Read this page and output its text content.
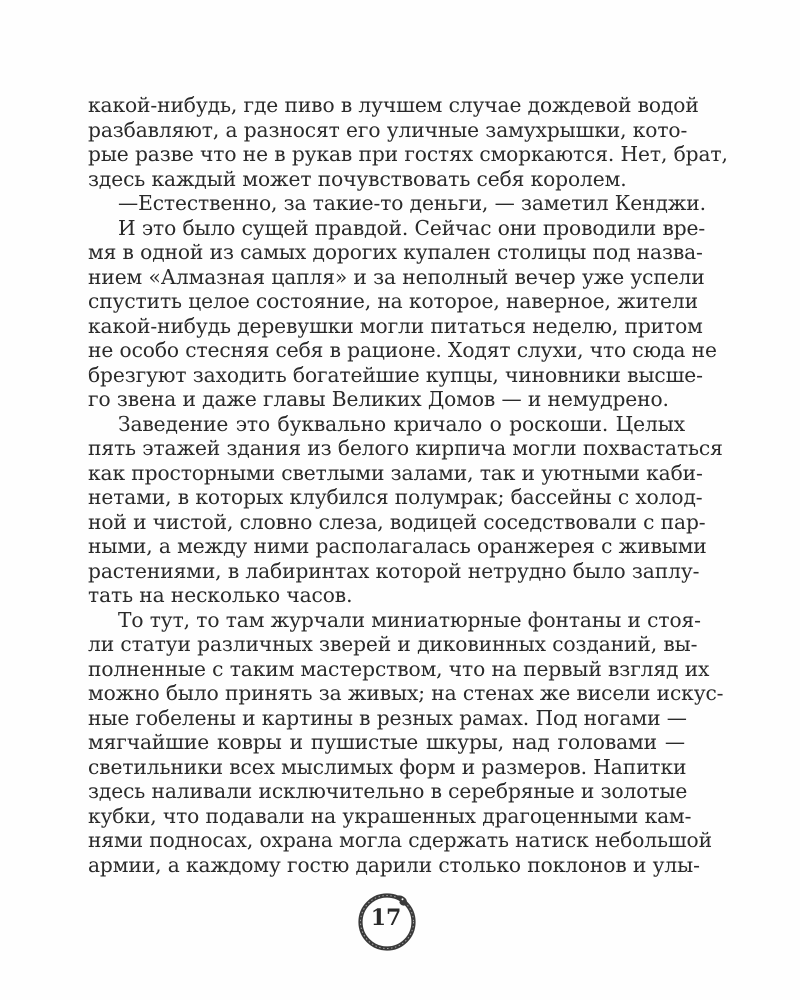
какой-нибудь, где пиво в лучшем случае дождевой водой
разбавляют, а разносят его уличные замухрышки, кото-
рые разве что не в рукав при гостях сморкаются. Нет, брат,
здесь каждый может почувствовать себя королем.
—Естественно, за такие-то деньги, — заметил Кенджи.
И это было сущей правдой. Сейчас они проводили вре-
мя в одной из самых дорогих купален столицы под назва-
нием «Алмазная цапля» и за неполный вечер уже успели
спустить целое состояние, на которое, наверное, жители
какой-нибудь деревушки могли питаться неделю, притом
не особо стесняя себя в рационе. Ходят слухи, что сюда не
брезгуют заходить богатейшие купцы, чиновники высше-
го звена и даже главы Великих Домов — и немудрено.
Заведение это буквально кричало о роскоши. Целых
пять этажей здания из белого кирпича могли похвастаться
как просторными светлыми залами, так и уютными каби-
нетами, в которых клубился полумрак; бассейны с холод-
ной и чистой, словно слеза, водицей соседствовали с пар-
ными, а между ними располагалась оранжерея с живыми
растениями, в лабиринтах которой нетрудно было заплу-
тать на несколько часов.
То тут, то там журчали миниатюрные фонтаны и стоя-
ли статуи различных зверей и диковинных созданий, вы-
полненные с таким мастерством, что на первый взгляд их
можно было принять за живых; на стенах же висели искус-
ные гобелены и картины в резных рамах. Под ногами —
мягчайшие ковры и пушистые шкуры, над головами —
светильники всех мыслимых форм и размеров. Напитки
здесь наливали исключительно в серебряные и золотые
кубки, что подавали на украшенных драгоценными кам-
нями подносах, охрана могла сдержать натиск небольшой
армии, а каждому гостю дарили столько поклонов и улы-
17
